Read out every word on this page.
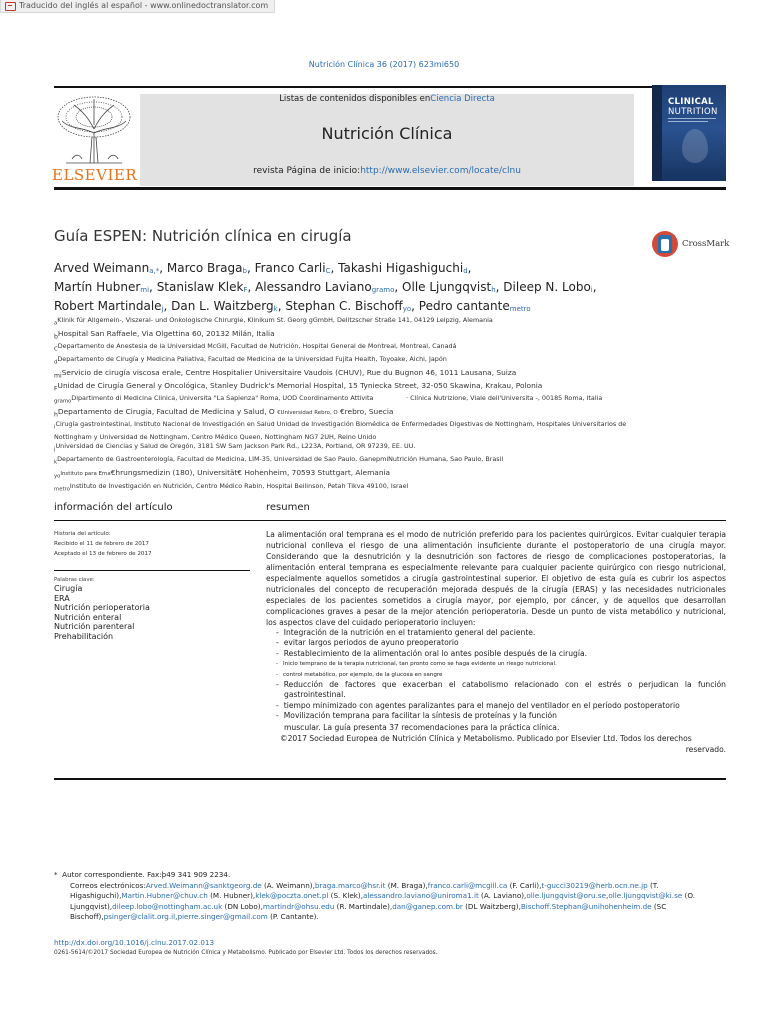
Traducido del inglés al español - www.onlinedoctranslator.com
Nutrición Clínica 36 (2017) 623mi650
ELSEVIER
Listas de contenidos disponibles enCiencia Directa
Nutrición Clínica
revista Página de inicio:http://www.elsevier.com/locate/clnu
CLINICAL
NUTRITION
Guía ESPEN: Nutrición clínica en cirugía	CrossMark
Arved Weimann$_{a,*}$, Marco Braga$_b$, Franco Carli$_C$, Takashi Higashiguchi$_d$,
Martín Hubner$_{mi}$, Stanislaw Klek$_F$, Alessandro Laviano$_{gramo}$, Olle Ljungqvist$_h$, Dileep N. Lobo$_i$,
Robert Martindale$_j$, Dan L. Waitzberg$_k$, Stephan C. Bischoff$_{yo}$, Pedro cantante$_{metro}$
$_a$Klinik für Allgemein-, Viszeral- und Onkologische Chirurgie, Klinikum St. Georg gGmbH, Delitzscher Straße 141, 04129 Leipzig, Alemania
$_b$Hospital San Raffaele, Via Olgettina 60, 20132 Milán, Italia
$_C$Departamento de Anestesia de la Universidad McGill, Facultad de Nutrición, Hospital General de Montreal, Montreal, Canadá
$_d$Departamento de Cirugía y Medicina Paliativa, Facultad de Medicina de la Universidad Fujita Health, Toyoake, Aichi, Japón
$_{mi}$Servicio de cirugía viscosa erale, Centre Hospitalier Universitaire Vaudois (CHUV), Rue du Bugnon 46, 1011 Lausana, Suiza
$_F$Unidad de Cirugía General y Oncológica, Stanley Dudrick's Memorial Hospital, 15 Tyniecka Street, 32-050 Skawina, Krakau, Polonia
$_{gramo}$Dipartimento di Medicina Clinica, Universita "La Sapienza" Roma, UOD Coordinamento Attivita	· Clínica Nutrizione, Viale dell'Universita -, 00185 Roma, Italia
$_h$Departamento de Cirugía, Facultad de Medicina y Salud, O €Universidad Rebro, O €rebro, Suecia
$_i$Cirugía gastrointestinal, Instituto Nacional de Investigación en Salud Unidad de Investigación Biomédica de Enfermedades Digestivas de Nottingham, Hospitales Universitarios de
Nottingham y Universidad de Nottingham, Centro Médico Queen, Nottingham NG7 2UH, Reino Unido
$_j$Universidad de Ciencias y Salud de Oregón, 3181 SW Sam Jackson Park Rd., L223A, Portland, OR 97239, EE. UU.
$_k$Departamento de Gastroenterología, Facultad de Medicina, LIM-35, Universidad de Sao Paulo, GanepmiNutrición Humana, Sao Paulo, Brasil
$_{yo}$Instituto para Erna€hrungsmedizin (180), Universität€ Hohenheim, 70593 Stuttgart, Alemania
$_{metro}$Instituto de Investigación en Nutrición, Centro Médico Rabin, Hospital Beilinson, Petah Tikva 49100, Israel
información del artículo	resumen
Historia del artículo:
Recibido el 11 de febrero de 2017
Aceptado el 13 de febrero de 2017
Palabras clave:
Cirugía
ERA
Nutrición perioperatoria
Nutrición enteral
Nutrición parenteral
Prehabilitación
La alimentación oral temprana es el modo de nutrición preferido para los pacientes quirúrgicos. Evitar cualquier terapia nutricional conlleva el riesgo de una alimentación insuficiente durante el postoperatorio de una cirugía mayor. Considerando que la desnutrición y la desnutrición son factores de riesgo de complicaciones postoperatorias, la alimentación enteral temprana es especialmente relevante para cualquier paciente quirúrgico con riesgo nutricional, especialmente aquellos sometidos a cirugía gastrointestinal superior. El objetivo de esta guía es cubrir los aspectos nutricionales del concepto de recuperación mejorada después de la cirugía (ERAS) y las necesidades nutricionales especiales de los pacientes sometidos a cirugía mayor, por ejemplo, por cáncer, y de aquellos que desarrollan complicaciones graves a pesar de la mejor atención perioperatoria. Desde un punto de vista metabólico y nutricional, los aspectos clave del cuidado perioperatorio incluyen:
- Integración de la nutrición en el tratamiento general del paciente.
- evitar largos periodos de ayuno preoperatorio
- Restablecimiento de la alimentación oral lo antes posible después de la cirugía.
- Inicio temprano de la terapia nutricional, tan pronto como se haga evidente un riesgo nutricional.
- control metabólico, por ejemplo, de la glucosa en sangre
- Reducción de factores que exacerban el catabolismo relacionado con el estrés o perjudican la función gastrointestinal.
- tiempo minimizado con agentes paralizantes para el manejo del ventilador en el período postoperatorio
- Movilización temprana para facilitar la síntesis de proteínas y la función
muscular. La guía presenta 37 recomendaciones para la práctica clínica.
©2017 Sociedad Europea de Nutrición Clínica y Metabolismo. Publicado por Elsevier Ltd. Todos los derechos
reservado.
* Autor correspondiente. Fax:þ49 341 909 2234.
Correos electrónicos:Arved.Weimann@sanktgeorg.de (A. Weimann),braga.marco@hsr.it (M. Braga),franco.carli@mcgill.ca (F. Carli),t-gucci30219@herb.ocn.ne.jp (T. Higashiguchi),Martin.Hubner@chuv.ch (M. Hubner),klek@poczta.onet.pl (S. Klek),alessandro.laviano@uniroma1.it (A. Laviano),olle.ljungqvist@oru.se,olle.ljungqvist@ki.se (O. Ljungqvist),dileep.lobo@nottingham.ac.uk (DN Lobo),martindr@ohsu.edu (R. Martindale),dan@ganep.com.br (DL Waitzberg),Bischoff.Stephan@unihohenheim.de (SC Bischoff),psinger@clalit.org.il,pierre.singer@gmail.com (P. Cantante).
http://dx.doi.org/10.1016/j.clnu.2017.02.013
0261-5614/©2017 Sociedad Europea de Nutrición Clínica y Metabolismo. Publicado por Elsevier Ltd. Todos los derechos reservados.
